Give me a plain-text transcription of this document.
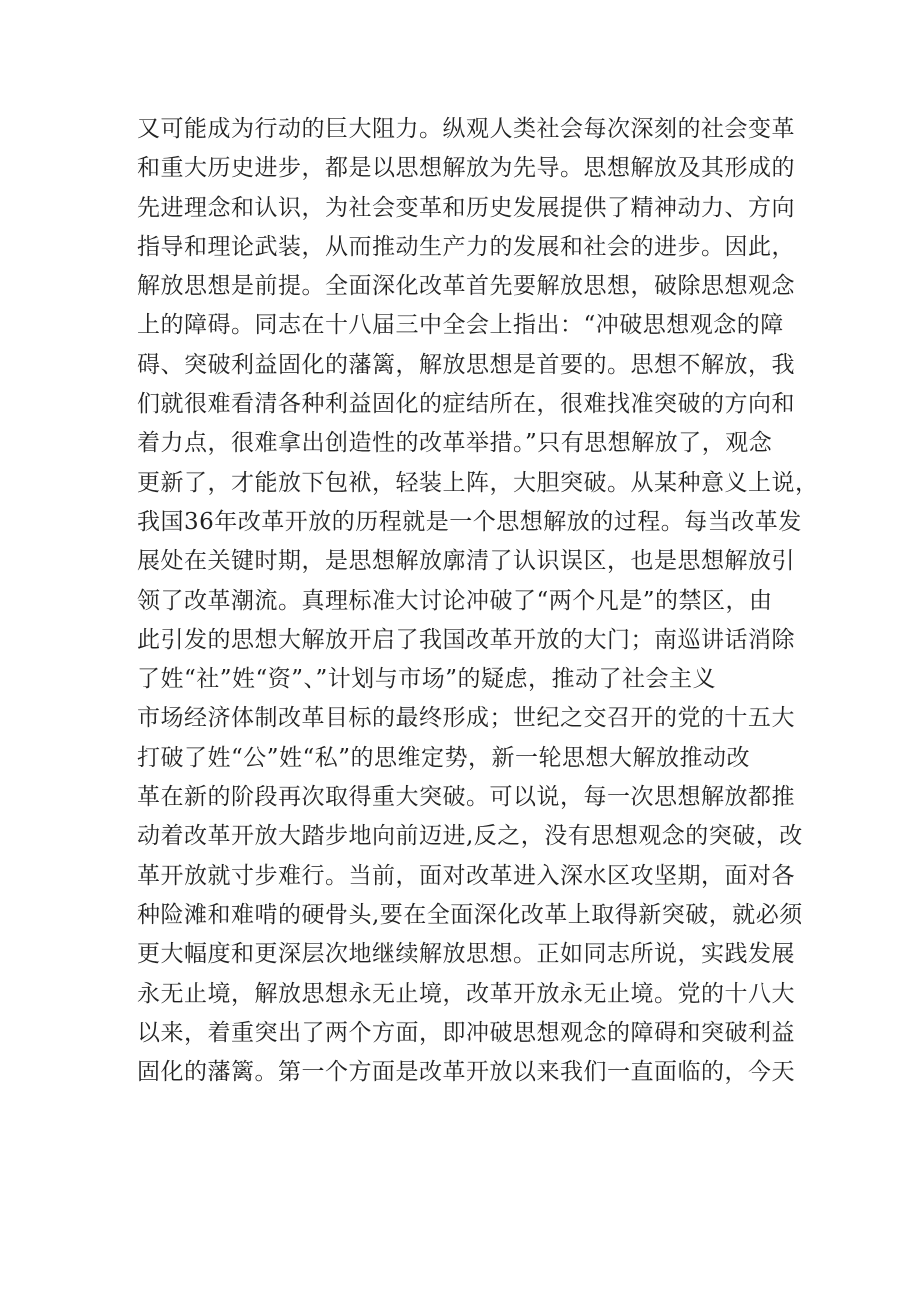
又可能成为行动的巨大阻力。纵观人类社会每次深刻的社会变革
和重大历史进步，都是以思想解放为先导。思想解放及其形成的
先进理念和认识，为社会变革和历史发展提供了精神动力、方向
指导和理论武装，从而推动生产力的发展和社会的进步。因此，
解放思想是前提。全面深化改革首先要解放思想，破除思想观念
上的障碍。同志在十八届三中全会上指出：“冲破思想观念的障
碍、突破利益固化的藩篱，解放思想是首要的。思想不解放，我
们就很难看清各种利益固化的症结所在，很难找准突破的方向和
着力点，很难拿出创造性的改革举措。”只有思想解放了，观念
更新了，才能放下包袱，轻装上阵，大胆突破。从某种意义上说，
我国36年改革开放的历程就是一个思想解放的过程。每当改革发
展处在关键时期，是思想解放廓清了认识误区，也是思想解放引
领了改革潮流。真理标准大讨论冲破了“两个凡是”的禁区，由
此引发的思想大解放开启了我国改革开放的大门；南巡讲话消除
了姓“社”姓“资”、”计划与市场”的疑虑，推动了社会主义
市场经济体制改革目标的最终形成；世纪之交召开的党的十五大
打破了姓“公”姓“私”的思维定势，新一轮思想大解放推动改
革在新的阶段再次取得重大突破。可以说，每一次思想解放都推
动着改革开放大踏步地向前迈进,反之，没有思想观念的突破，改
革开放就寸步难行。当前，面对改革进入深水区攻坚期，面对各
种险滩和难啃的硬骨头,要在全面深化改革上取得新突破，就必须
更大幅度和更深层次地继续解放思想。正如同志所说，实践发展
永无止境，解放思想永无止境，改革开放永无止境。党的十八大
以来，着重突出了两个方面，即冲破思想观念的障碍和突破利益
固化的藩篱。第一个方面是改革开放以来我们一直面临的，今天
